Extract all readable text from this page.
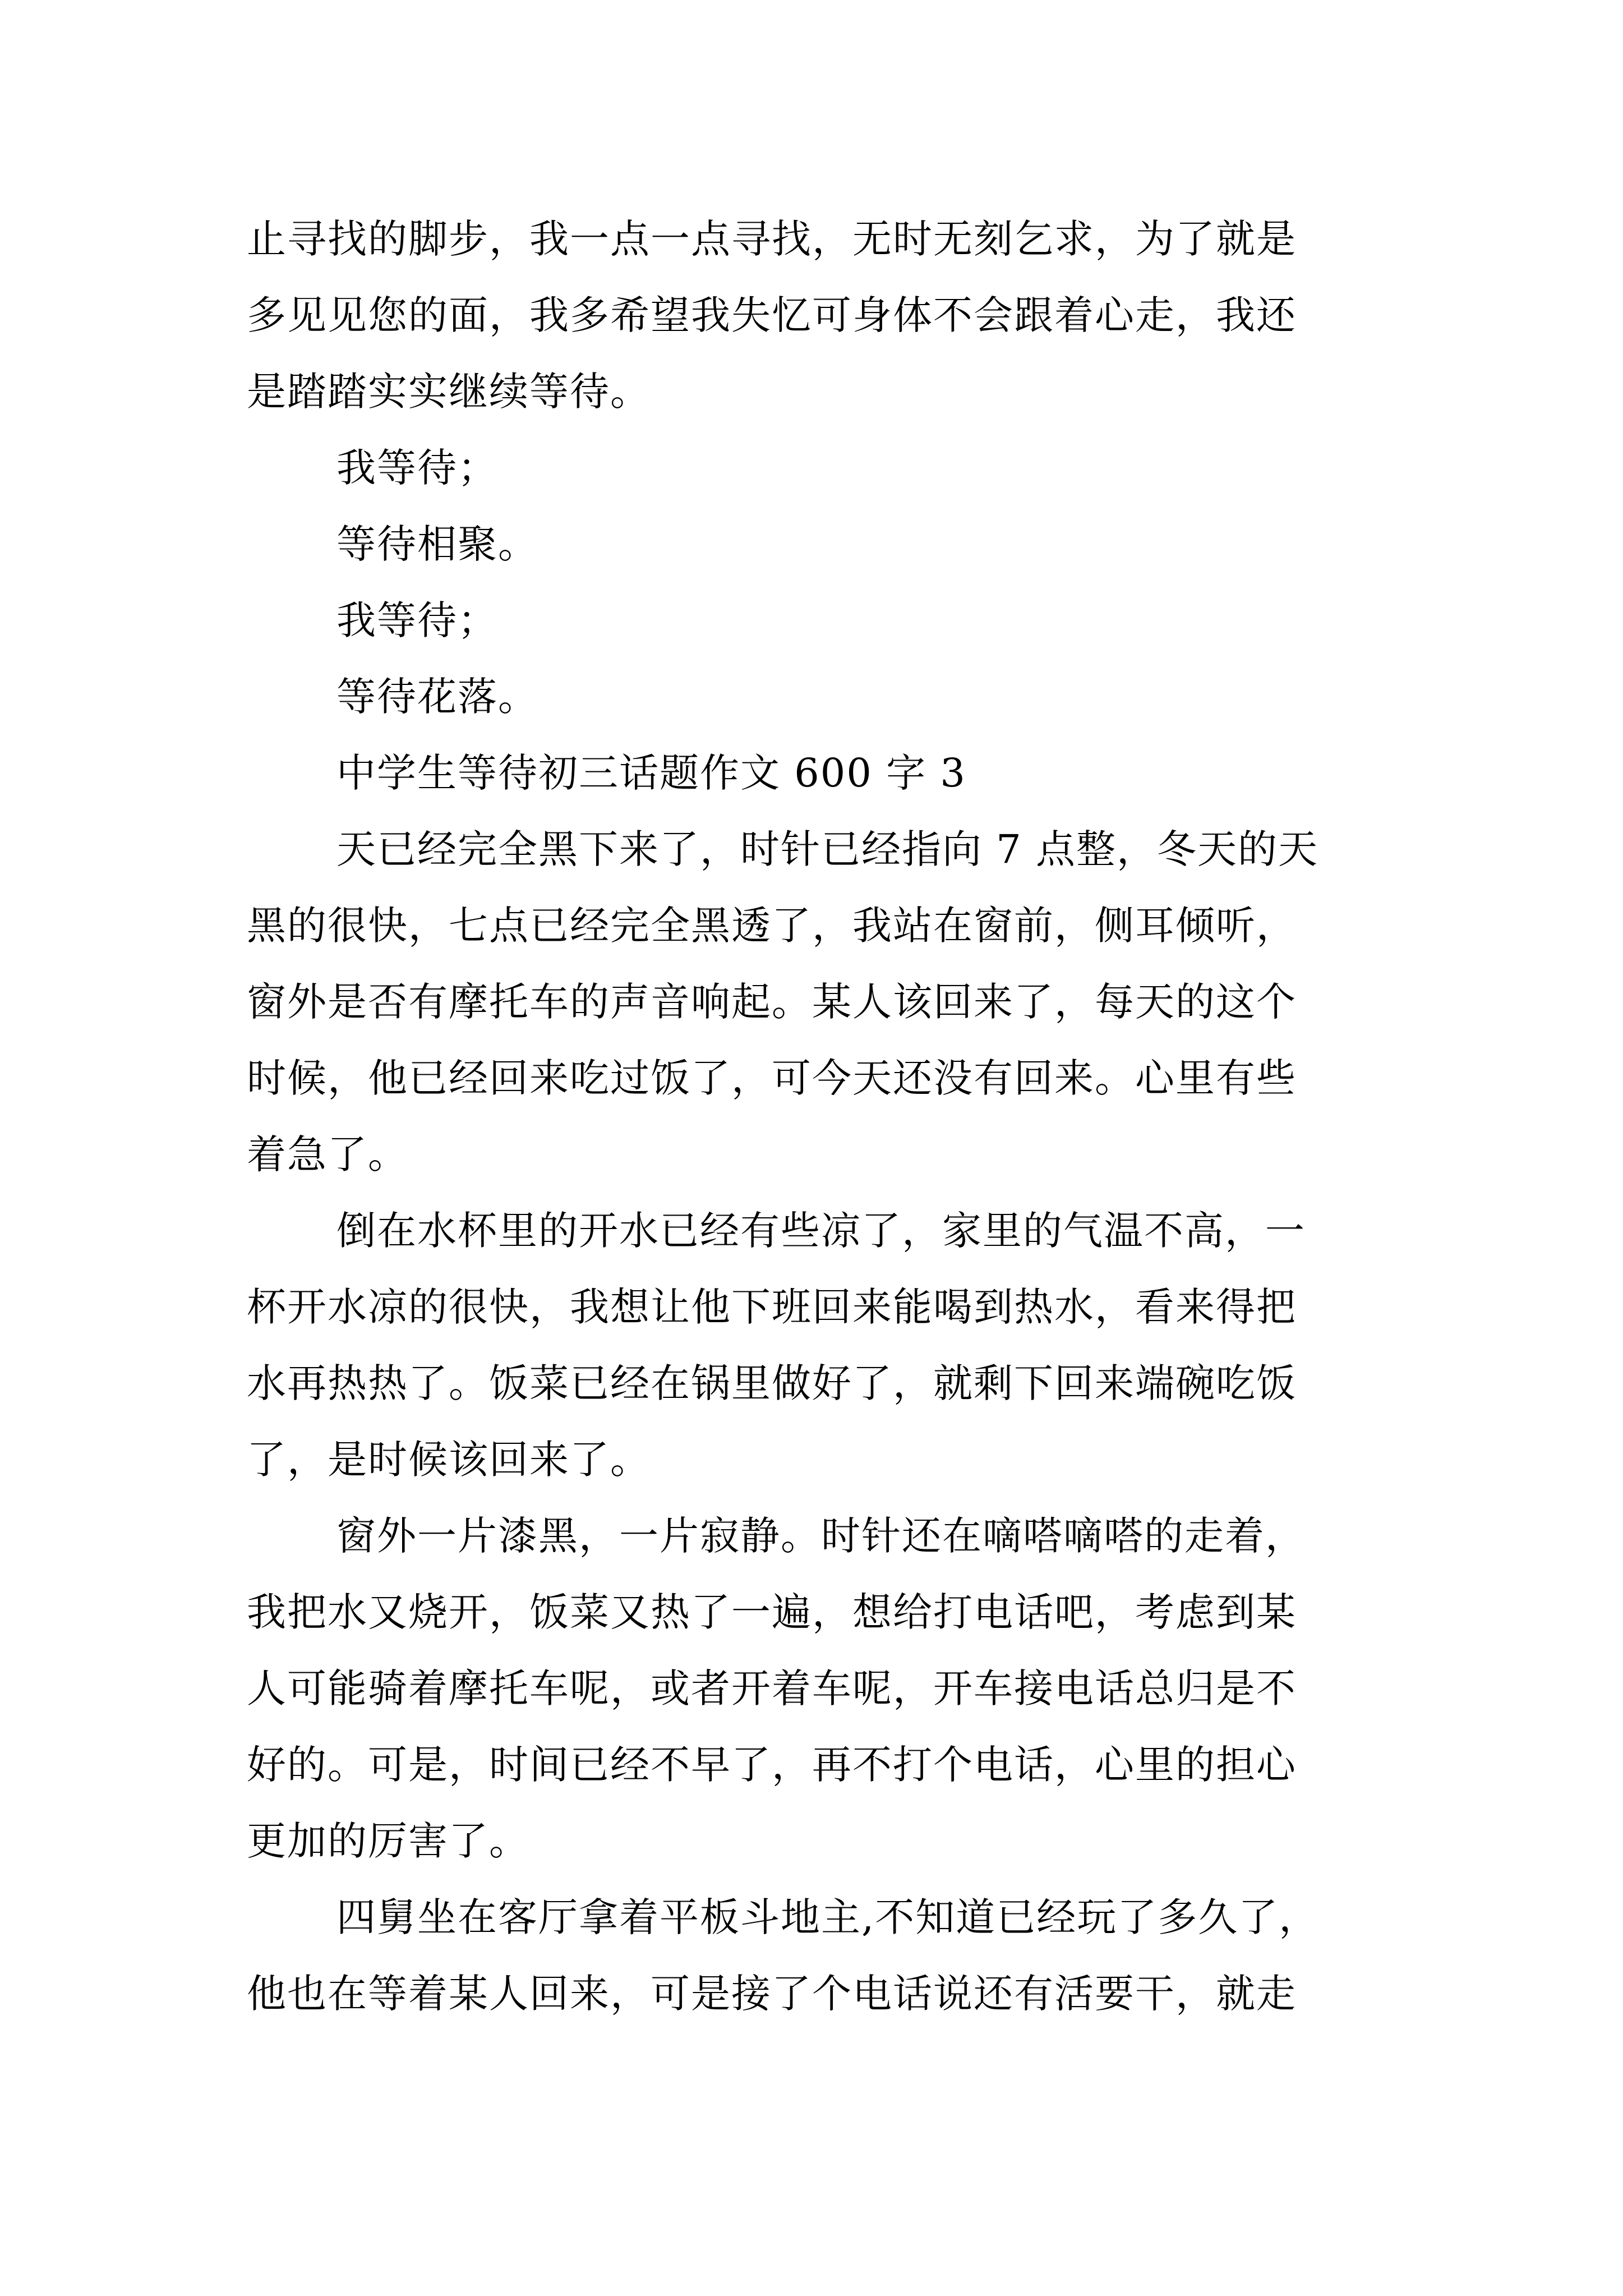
止寻找的脚步，我一点一点寻找，无时无刻乞求，为了就是
多见见您的面，我多希望我失忆可身体不会跟着心走，我还
是踏踏实实继续等待。
我等待；
等待相聚。
我等待；
等待花落。
中学生等待初三话题作文 600 字 3
天已经完全黑下来了，时针已经指向 7 点整，冬天的天
黑的很快，七点已经完全黑透了，我站在窗前，侧耳倾听，
窗外是否有摩托车的声音响起。某人该回来了，每天的这个
时候，他已经回来吃过饭了，可今天还没有回来。心里有些
着急了。
倒在水杯里的开水已经有些凉了，家里的气温不高，一
杯开水凉的很快，我想让他下班回来能喝到热水，看来得把
水再热热了。饭菜已经在锅里做好了，就剩下回来端碗吃饭
了，是时候该回来了。
窗外一片漆黑，一片寂静。时针还在嘀嗒嘀嗒的走着，
我把水又烧开，饭菜又热了一遍，想给打电话吧，考虑到某
人可能骑着摩托车呢，或者开着车呢，开车接电话总归是不
好的。可是，时间已经不早了，再不打个电话，心里的担心
更加的厉害了。
四舅坐在客厅拿着平板斗地主,不知道已经玩了多久了，
他也在等着某人回来，可是接了个电话说还有活要干，就走
